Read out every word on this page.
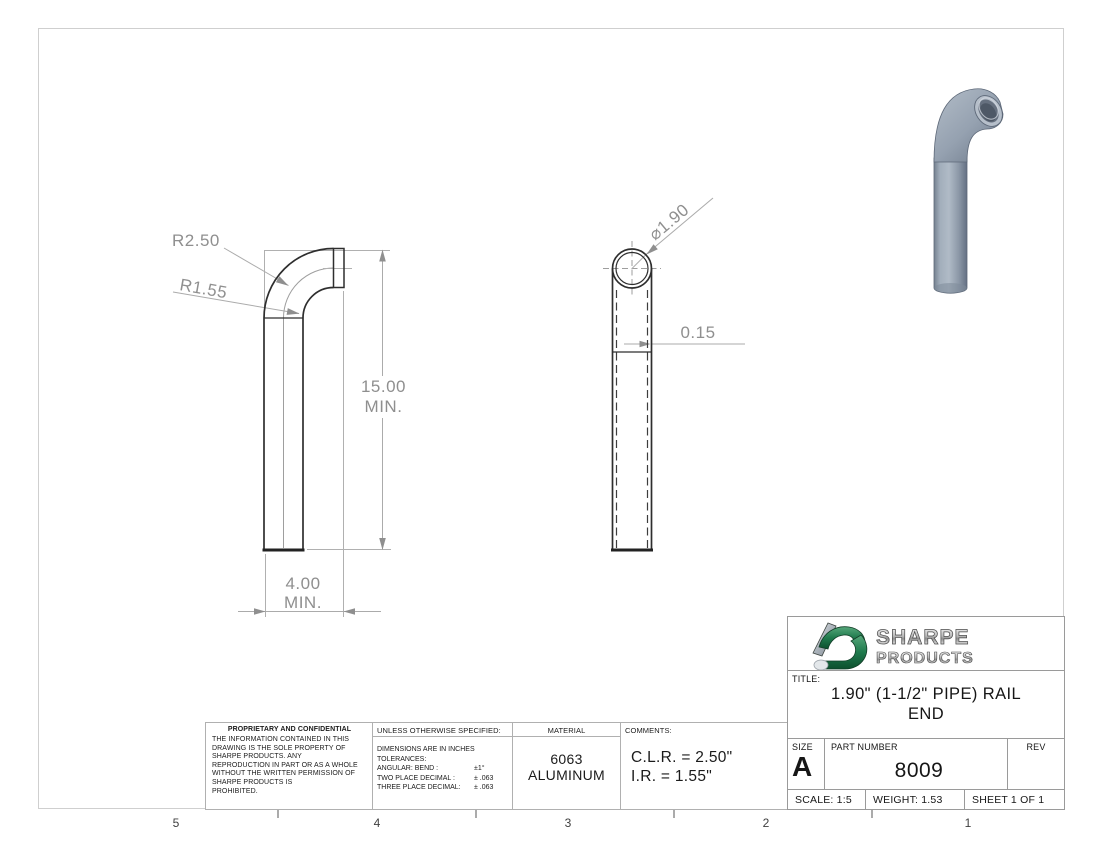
R2.50
R1.55
15.00
MIN.
4.00
MIN.
⌀1.90
0.15
5	4	3	2	1
PROPRIETARY AND CONFIDENTIAL
THE INFORMATION CONTAINED IN THIS
DRAWING IS THE SOLE PROPERTY OF
SHARPE PRODUCTS. ANY
REPRODUCTION IN PART OR AS A WHOLE
WITHOUT THE WRITTEN PERMISSION OF
SHARPE PRODUCTS IS
PROHIBITED.
UNLESS OTHERWISE SPECIFIED:
DIMENSIONS ARE IN INCHES
TOLERANCES:
ANGULAR: BEND :	±1°
TWO PLACE DECIMAL :	± .063
THREE PLACE DECIMAL:	± .063
MATERIAL
6063
ALUMINUM
COMMENTS:
C.L.R. = 2.50"
I.R. = 1.55"
SHARPE
PRODUCTS
TITLE:
1.90" (1-1/2" PIPE) RAIL
END
SIZE
A
PART NUMBER
8009
REV
SCALE: 1:5	WEIGHT: 1.53	SHEET 1 OF 1
